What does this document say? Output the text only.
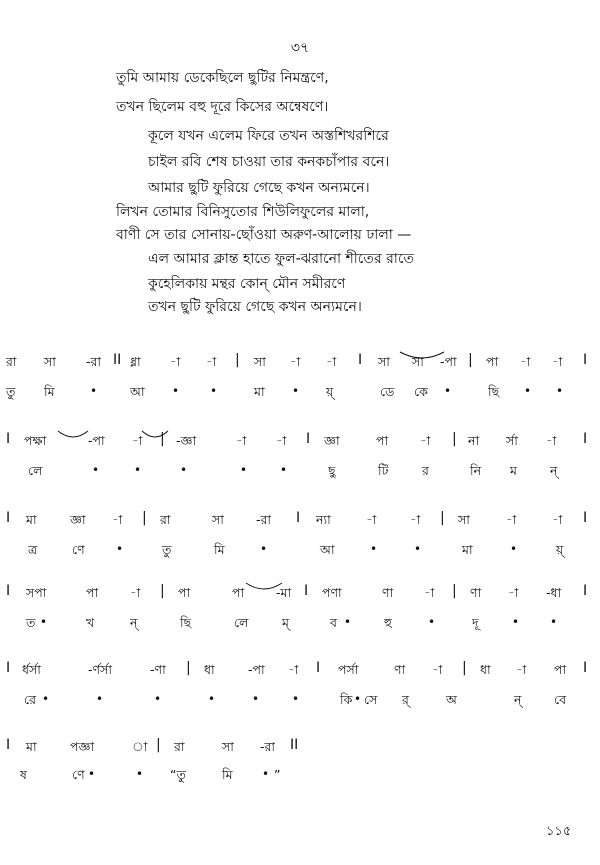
৩৭
তুমি আমায় ডেকেছিলে ছুটির নিমন্ত্রণে,
তখন ছিলেম বহু দূরে কিসের অন্বেষণে।
কূলে যখন এলেম ফিরে তখন অস্তশিখরশিরে
চাইল রবি শেষ চাওয়া তার কনকচাঁপার বনে।
আমার ছুটি ফুরিয়ে গেছে কখন অন্যমনে।
লিখন তোমার বিনিসুতোর শিউলিফুলের মালা,
বাণী সে তার সোনায়-ছোঁওয়া অরুণ-আলোয় ঢালা —
এল আমার ক্লান্ত হাতে ফুল-ঝরানো শীতের রাতে
কুহেলিকায় মন্থর কোন্ মৌন সমীরণে
তখন ছুটি ফুরিয়ে গেছে কখন অন্যমনে।
রা সা -রা II ধ্না -া -া | সা -া -া I সা সা -পা | পা -া -া I
তু মি	•	আ •	•	মা • য়্	ডে কে •	ছি • •
I পক্ষা	-পা -া | -জ্ঞা	-া -া I জ্ঞা	পা	-া | না র্সা -া I
লে	•	•	•	•	•	ছু	টি	র	নি ম	ন্
I মা	জ্ঞা -া | রা	সা	-রা I ন্যা	-া	-া | সা	-া	-া I
ত্র	ণে	•	তু	মি	•	আ	•	•	মা	•	য়্
I সপা	পা	-া | পা	পা	-মা I পণা	ণা -া | ণা -া -ধা I
ত •	খ	ন্	ছি	লে	ম্	ব •	হু	•	দূ	•	•
I র্ধর্সা	-র্ণর্সা	-ণা | ধা	-পা -া I পর্সা	ণা -া | ধা -া পা I
রে •	•	•	•	•	•	কি • সে র্	অ	ন্	বে
I মা	পজ্ঞা	া | রা	সা -রা II
ষ	ণে •	• “তু	মি • ”
১১৫
